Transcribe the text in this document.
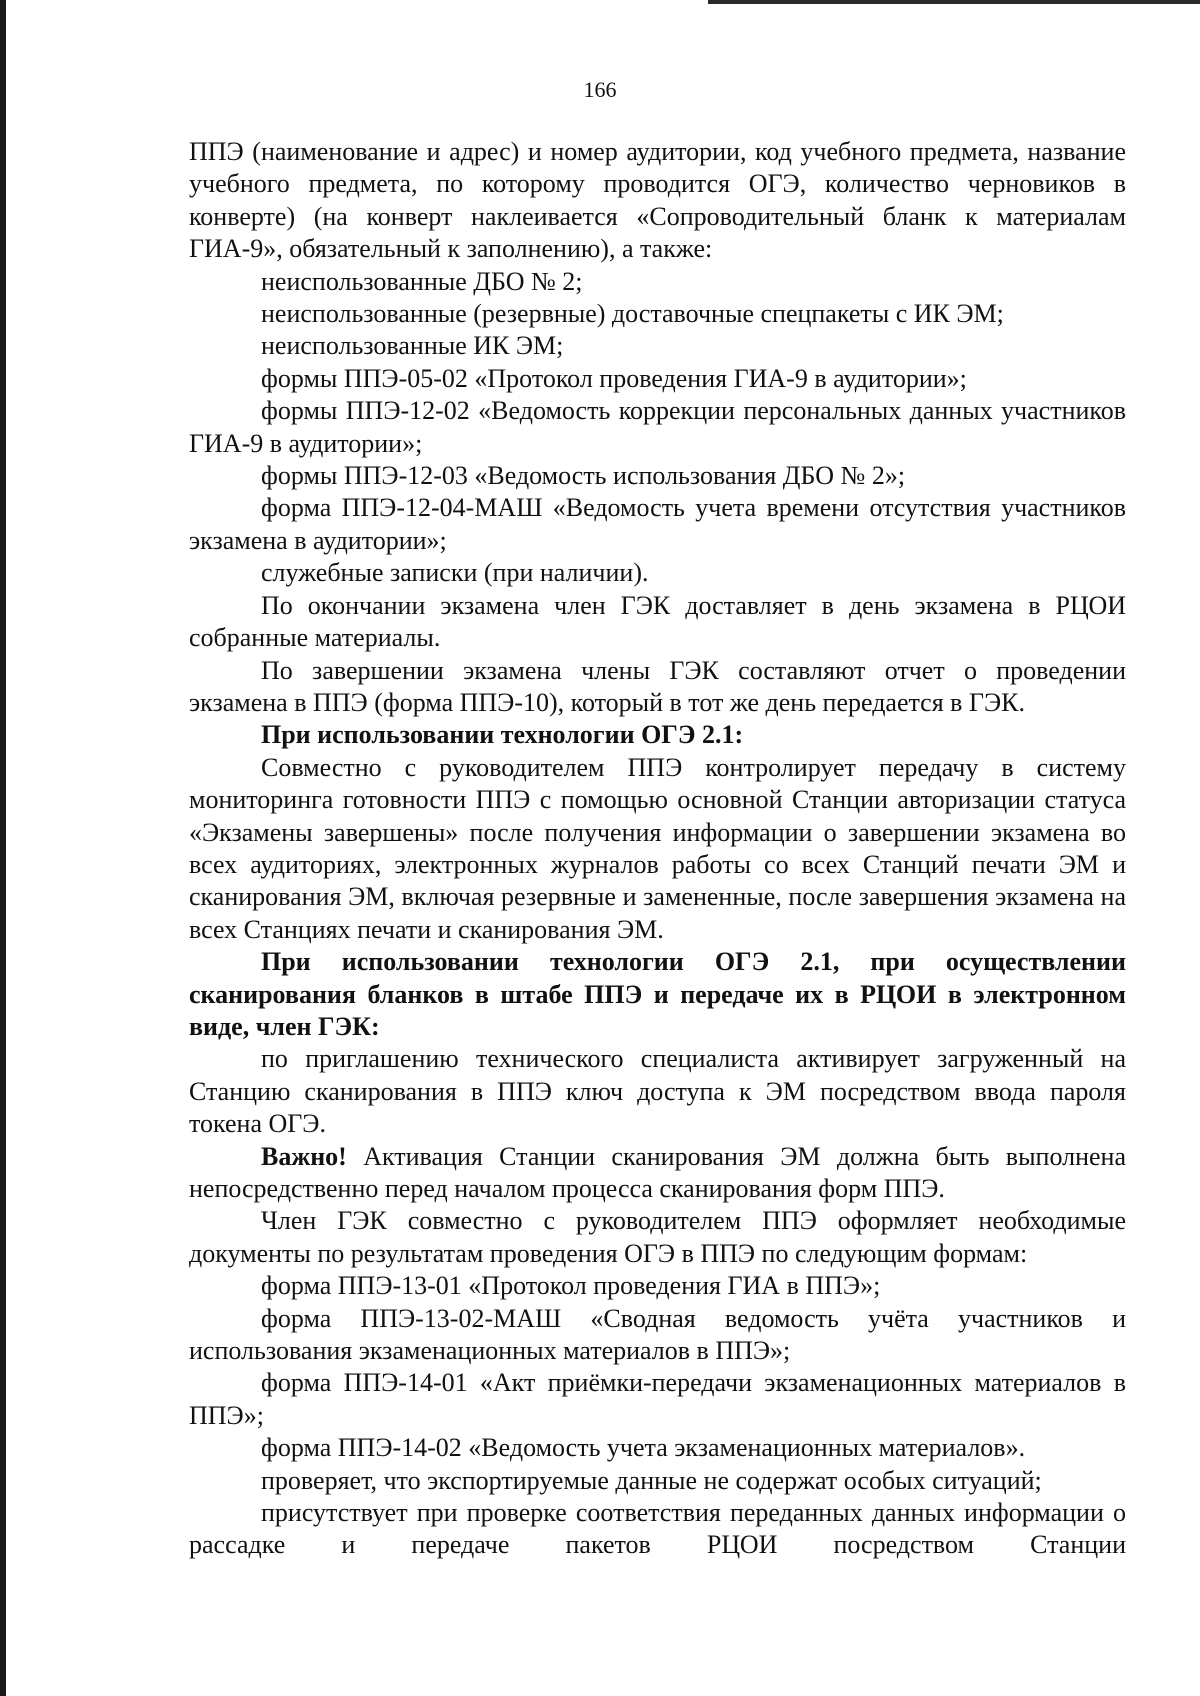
166

ППЭ (наименование и адрес) и номер аудитории, код учебного предмета, название учебного предмета, по которому проводится ОГЭ, количество черновиков в конверте) (на конверт наклеивается «Сопроводительный бланк к материалам ГИА-9», обязательный к заполнению), а также:

неиспользованные ДБО № 2;

неиспользованные (резервные) доставочные спецпакеты с ИК ЭМ;

неиспользованные ИК ЭМ;

формы ППЭ-05-02 «Протокол проведения ГИА-9 в аудитории»;

формы ППЭ-12-02 «Ведомость коррекции персональных данных участников ГИА-9 в аудитории»;

формы ППЭ-12-03 «Ведомость использования ДБО № 2»;

форма ППЭ-12-04-МАШ «Ведомость учета времени отсутствия участников экзамена в аудитории»;

служебные записки (при наличии).

По окончании экзамена член ГЭК доставляет в день экзамена в РЦОИ собранные материалы.

По завершении экзамена члены ГЭК составляют отчет о проведении экзамена в ППЭ (форма ППЭ-10), который в тот же день передается в ГЭК.

При использовании технологии ОГЭ 2.1:

Совместно с руководителем ППЭ контролирует передачу в систему мониторинга готовности ППЭ с помощью основной Станции авторизации статуса «Экзамены завершены» после получения информации о завершении экзамена во всех аудиториях, электронных журналов работы со всех Станций печати ЭМ и сканирования ЭМ, включая резервные и замененные, после завершения экзамена на всех Станциях печати и сканирования ЭМ.

При использовании технологии ОГЭ 2.1, при осуществлении сканирования бланков в штабе ППЭ и передаче их в РЦОИ в электронном виде, член ГЭК:

по приглашению технического специалиста активирует загруженный на Станцию сканирования в ППЭ ключ доступа к ЭМ посредством ввода пароля токена ОГЭ.

Важно! Активация Станции сканирования ЭМ должна быть выполнена непосредственно перед началом процесса сканирования форм ППЭ.

Член ГЭК совместно с руководителем ППЭ оформляет необходимые документы по результатам проведения ОГЭ в ППЭ по следующим формам:

форма ППЭ-13-01 «Протокол проведения ГИА в ППЭ»;

форма ППЭ-13-02-МАШ «Сводная ведомость учёта участников и использования экзаменационных материалов в ППЭ»;

форма ППЭ-14-01 «Акт приёмки-передачи экзаменационных материалов в ППЭ»;

форма ППЭ-14-02 «Ведомость учета экзаменационных материалов».

проверяет, что экспортируемые данные не содержат особых ситуаций;

присутствует при проверке соответствия переданных данных информации о рассадке и передаче пакетов РЦОИ посредством Станции
